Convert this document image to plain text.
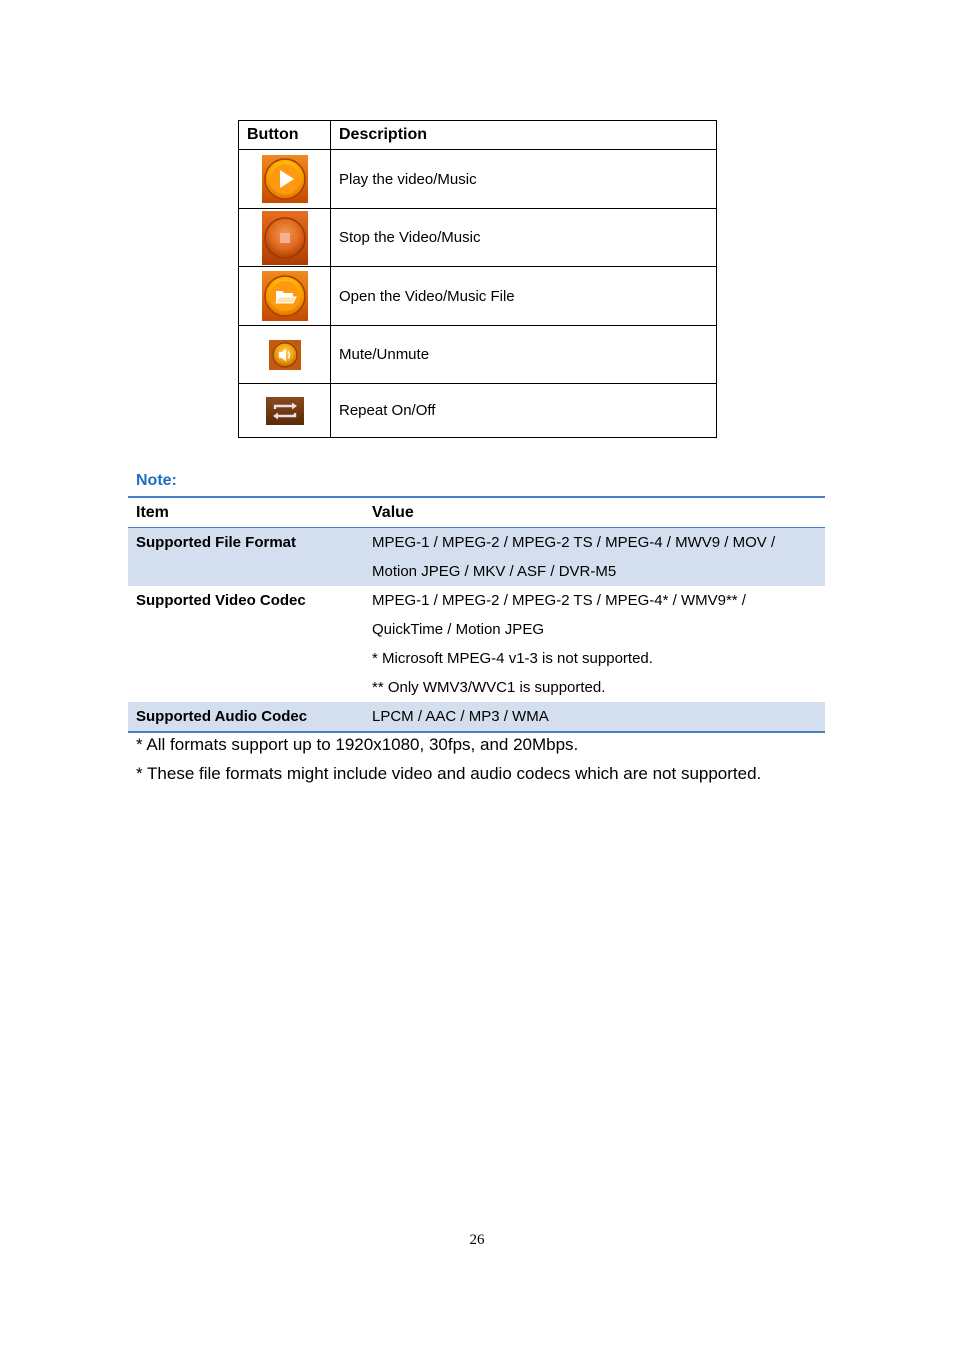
Button	Description

	Play the video/Music

	Stop the Video/Music

	Open the Video/Music File

	Mute/Unmute

	Repeat On/Off
Note:
Item	Value
Supported File Format	MPEG-1 / MPEG-2 / MPEG-2 TS / MPEG-4 / MWV9 / MOV /
Motion JPEG / MKV / ASF / DVR-M5

Supported Video Codec	MPEG-1 / MPEG-2 / MPEG-2 TS / MPEG-4* / WMV9** /
QuickTime / Motion JPEG
* Microsoft MPEG-4 v1-3 is not supported.
** Only WMV3/WVC1 is supported.

Supported Audio Codec	LPCM / AAC / MP3 / WMA
* All formats support up to 1920x1080, 30fps, and 20Mbps.
* These file formats might include video and audio codecs which are not supported.
26
